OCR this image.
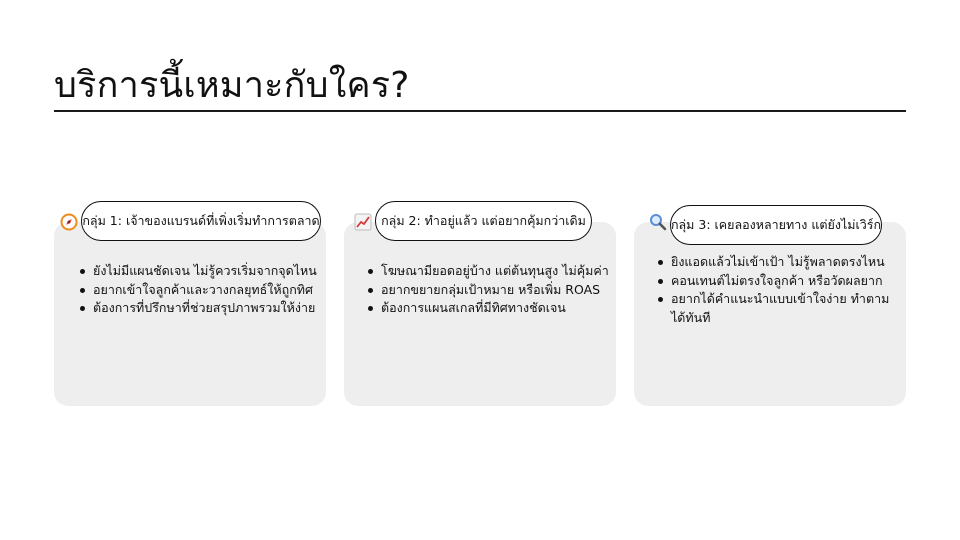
บริการนี้เหมาะกับใคร?
กลุ่ม 1: เจ้าของแบรนด์ที่เพิ่งเริ่มทำการตลาด
ยังไม่มีแผนชัดเจน ไม่รู้ควรเริ่มจากจุดไหน
อยากเข้าใจลูกค้าและวางกลยุทธ์ให้ถูกทิศ
ต้องการที่ปรึกษาที่ช่วยสรุปภาพรวมให้ง่าย
กลุ่ม 2: ทำอยู่แล้ว แต่อยากคุ้มกว่าเดิม
โฆษณามียอดอยู่บ้าง แต่ต้นทุนสูง ไม่คุ้มค่า
อยากขยายกลุ่มเป้าหมาย หรือเพิ่ม ROAS
ต้องการแผนสเกลที่มีทิศทางชัดเจน
กลุ่ม 3: เคยลองหลายทาง แต่ยังไม่เวิร์ก
ยิงแอดแล้วไม่เข้าเป้า ไม่รู้พลาดตรงไหน
คอนเทนต์ไม่ตรงใจลูกค้า หรือวัดผลยาก
อยากได้คำแนะนำแบบเข้าใจง่าย ทำตามได้ทันที
